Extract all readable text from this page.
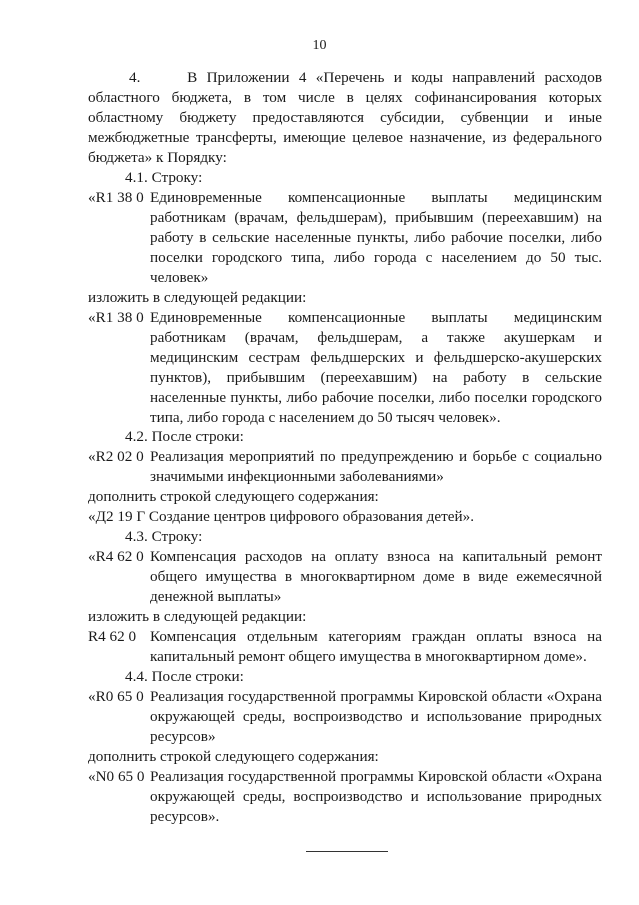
10
4.	В Приложении 4 «Перечень и коды направлений расходов областного бюджета, в том числе в целях софинансирования которых областному бюджету предоставляются субсидии, субвенции и иные межбюджетные трансферты, имеющие целевое назначение, из федерального бюджета» к Порядку:
4.1. Строку:
«R1 38 0 Единовременные компенсационные выплаты медицинским
работникам (врачам, фельдшерам), прибывшим (переехавшим) на работу в сельские населенные пункты, либо рабочие поселки, либо поселки городского типа, либо города с населением до 50 тыс. человек»
изложить в следующей редакции:
«R1 38 0 Единовременные компенсационные выплаты медицинским
работникам (врачам, фельдшерам, а также акушеркам и медицинским сестрам фельдшерских и фельдшерско-акушерских пунктов), прибывшим (переехавшим) на работу в сельские населенные пункты, либо рабочие поселки, либо поселки городского типа, либо города с населением до 50 тысяч человек».
4.2. После строки:
«R2 02 0 Реализация мероприятий по предупреждению и борьбе с социально
значимыми инфекционными заболеваниями»
дополнить строкой следующего содержания:
«Д2 19 Г Создание центров цифрового образования детей».
4.3. Строку:
«R4 62 0 Компенсация расходов на оплату взноса на капитальный ремонт
общего имущества в многоквартирном доме в виде ежемесячной денежной выплаты»
изложить в следующей редакции:
R4 62 0 Компенсация отдельным категориям граждан оплаты взноса на
капитальный ремонт общего имущества в многоквартирном доме».
4.4. После строки:
«R0 65 0 Реализация государственной программы Кировской области «Охрана
окружающей среды, воспроизводство и использование природных ресурсов»
дополнить строкой следующего содержания:
«N0 65 0 Реализация государственной программы Кировской области «Охрана
окружающей среды, воспроизводство и использование природных ресурсов».
